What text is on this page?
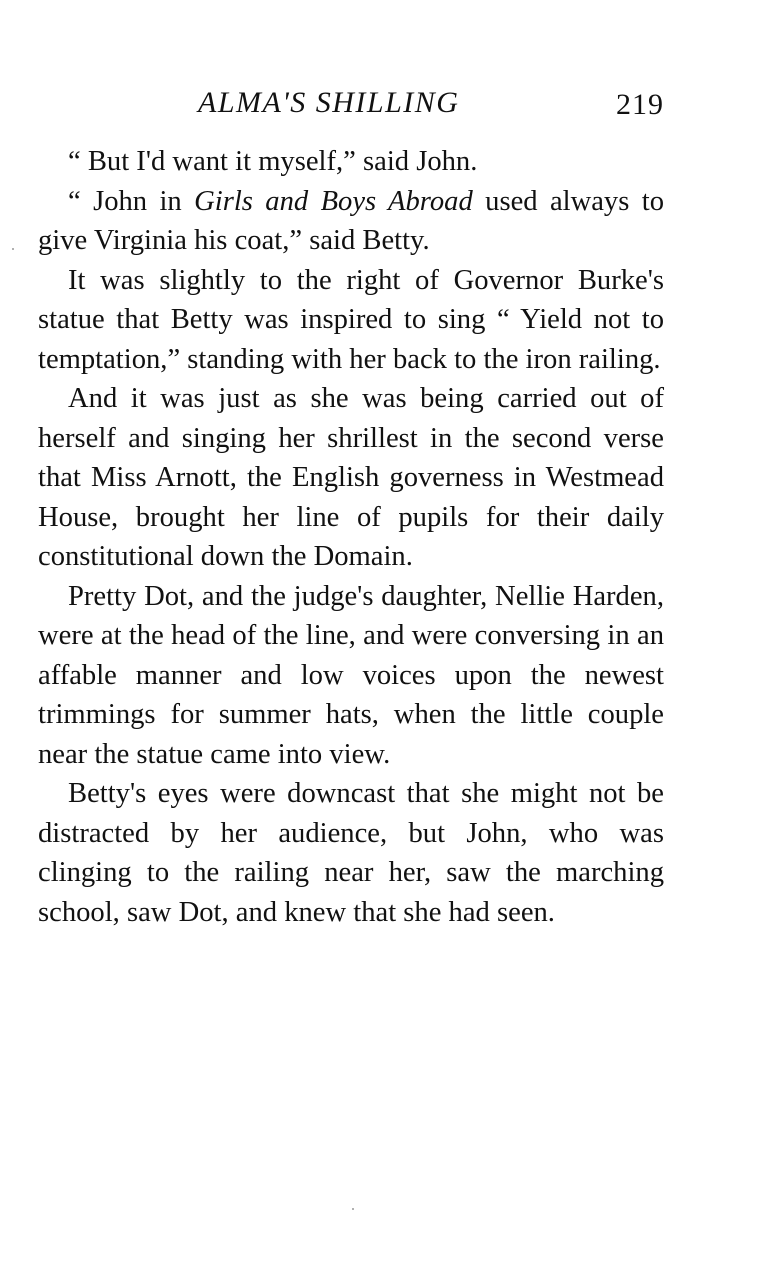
ALMA'S SHILLING	219

“ But I'd want it myself,” said John.

“ John in Girls and Boys Abroad used always to give Virginia his coat,” said Betty.

It was slightly to the right of Governor Burke's statue that Betty was inspired to sing “ Yield not to temptation,” standing with her back to the iron railing.

And it was just as she was being carried out of herself and singing her shrillest in the second verse that Miss Arnott, the English governess in Westmead House, brought her line of pupils for their daily constitutional down the Domain.

Pretty Dot, and the judge's daughter, Nellie Harden, were at the head of the line, and were conversing in an affable manner and low voices upon the newest trimmings for summer hats, when the little couple near the statue came into view.

Betty's eyes were downcast that she might not be distracted by her audience, but John, who was clinging to the railing near her, saw the marching school, saw Dot, and knew that she had seen.
